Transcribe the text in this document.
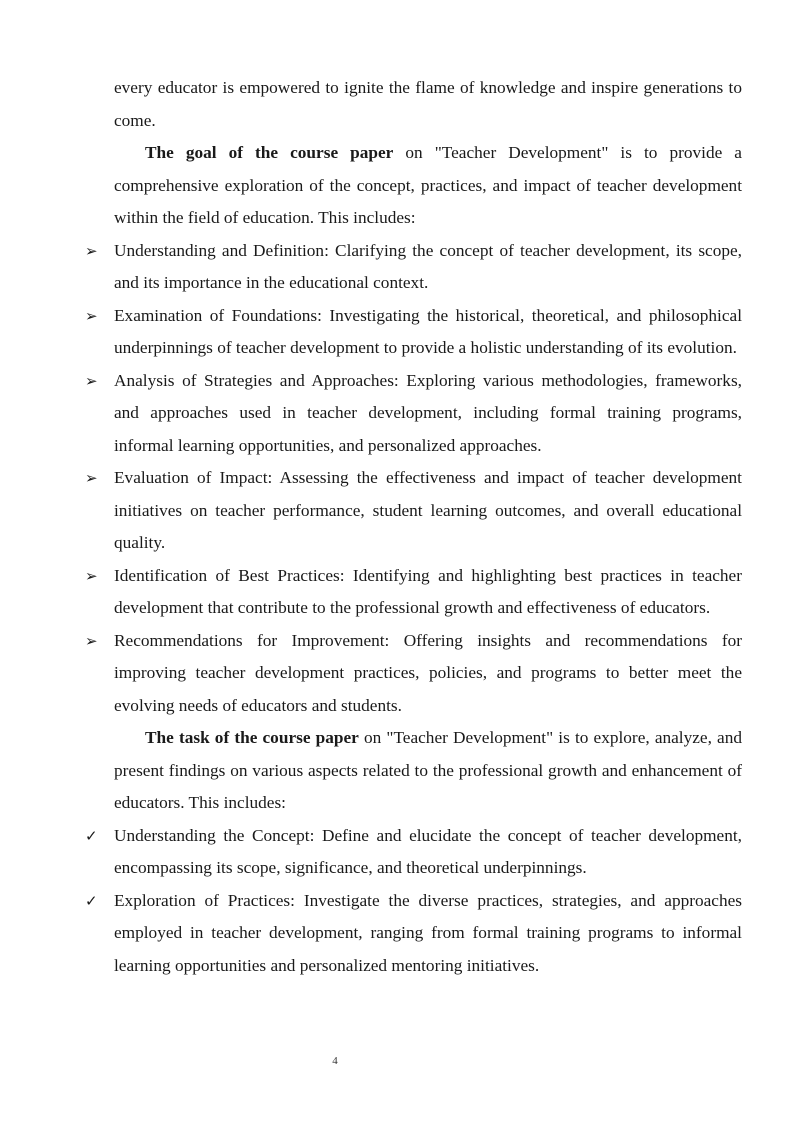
every educator is empowered to ignite the flame of knowledge and inspire generations to come.

The goal of the course paper on "Teacher Development" is to provide a comprehensive exploration of the concept, practices, and impact of teacher development within the field of education. This includes:

➢ Understanding and Definition: Clarifying the concept of teacher development, its scope, and its importance in the educational context.
➢ Examination of Foundations: Investigating the historical, theoretical, and philosophical underpinnings of teacher development to provide a holistic understanding of its evolution.
➢ Analysis of Strategies and Approaches: Exploring various methodologies, frameworks, and approaches used in teacher development, including formal training programs, informal learning opportunities, and personalized approaches.
➢ Evaluation of Impact: Assessing the effectiveness and impact of teacher development initiatives on teacher performance, student learning outcomes, and overall educational quality.
➢ Identification of Best Practices: Identifying and highlighting best practices in teacher development that contribute to the professional growth and effectiveness of educators.
➢ Recommendations for Improvement: Offering insights and recommendations for improving teacher development practices, policies, and programs to better meet the evolving needs of educators and students.

The task of the course paper on "Teacher Development" is to explore, analyze, and present findings on various aspects related to the professional growth and enhancement of educators. This includes:

✓ Understanding the Concept: Define and elucidate the concept of teacher development, encompassing its scope, significance, and theoretical underpinnings.
✓ Exploration of Practices: Investigate the diverse practices, strategies, and approaches employed in teacher development, ranging from formal training programs to informal learning opportunities and personalized mentoring initiatives.
4
